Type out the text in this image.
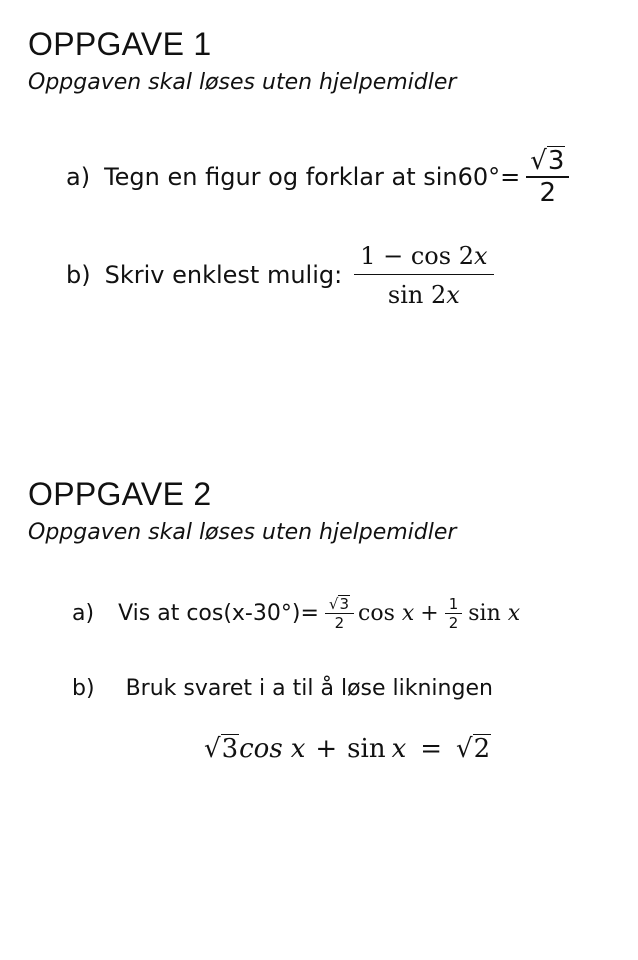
OPPGAVE 1
Oppgaven skal løses uten hjelpemidler
a) Tegn en figur og forklar at $\sin 60^\circ= \frac{√ 3}{2}$
b) Skriv enklest mulig: $\frac{1 - \cos 2x}{\sin 2x}$
OPPGAVE 2
Oppgaven skal løses uten hjelpemidler
a) Vis at $\cos(x-30^\circ)= \frac{√ 3}{2}$ $\cos x + \frac{1}{2}$ sin x
b) Bruk svaret i a til å løse likningen
√ 3 cos x + sin x = √ 2
